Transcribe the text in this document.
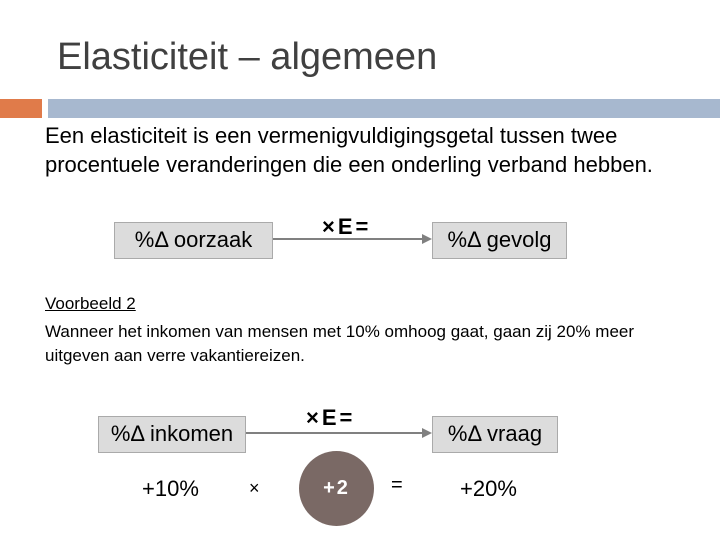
Elasticiteit – algemeen
Een elasticiteit is een vermenigvuldigingsgetal tussen twee procentuele veranderingen die een onderling verband hebben.
%Δ oorzaak
×E=
%Δ gevolg
Voorbeeld 2
Wanneer het inkomen van mensen met 10% omhoog gaat, gaan zij 20% meer uitgeven aan verre vakantiereizen.
%Δ inkomen
×E=
%Δ vraag
+10%	×	+2 =	+20%
